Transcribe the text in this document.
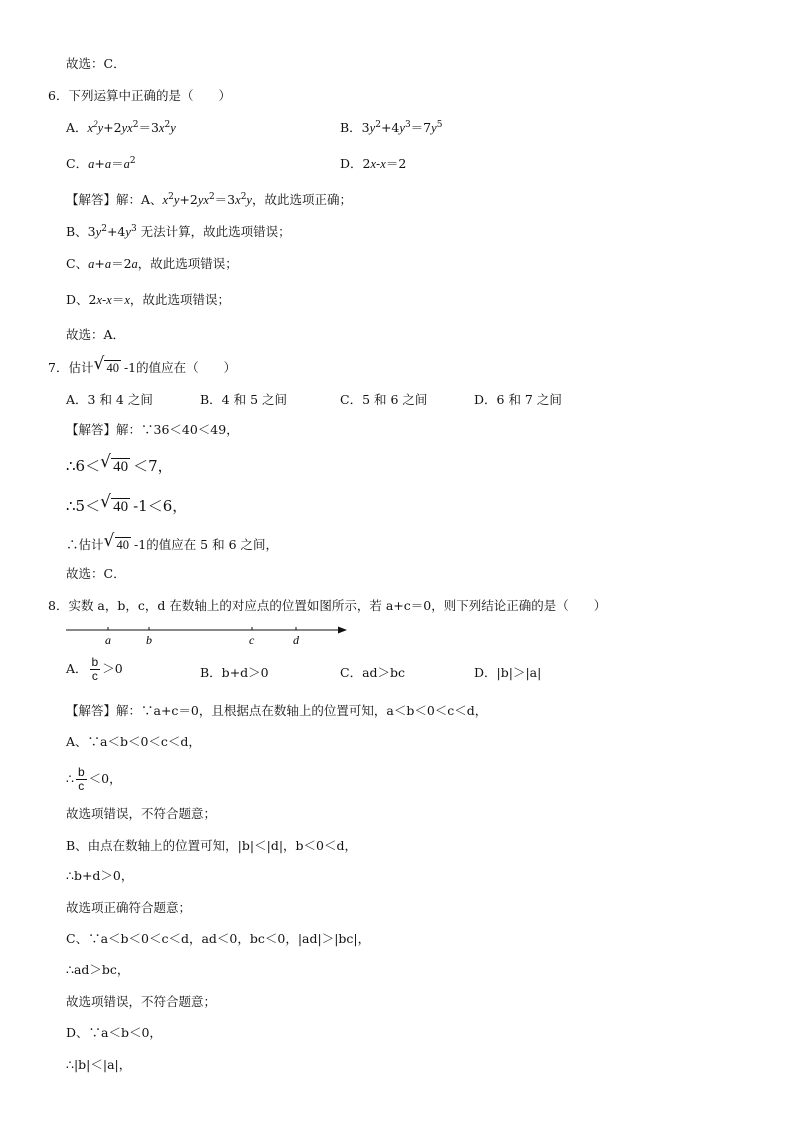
故选：C．
6．下列运算中正确的是（　　）
A．$x^2y+2yx^2=3x^2y$	B．$3y^2+4y^3=7y^5$
C．$a+a=a^2$	D．2x-x＝2
【解答】解：A、$x^2y+2yx^2=3x^2y$，故此选项正确；
B、$3y^2+4y^3$ 无法计算，故此选项错误；
C、a+a＝2a，故此选项错误；
D、2x-x＝x，故此选项错误；
故选：A．
7．估计 √ 40 -1的值应在（　　）
A．3 和 4 之间	B．4 和 5 之间	C．5 和 6 之间	D．6 和 7 之间
【解答】解：∵36＜40＜49，
∴6＜ √ 40 ＜7，
∴5＜ √ 40 -1＜6，
∴估计 √ 40 -1的值应在 5 和 6 之间，
故选：C．
8．实数 a，b，c，d 在数轴上的对应点的位置如图所示，若 a+c＝0，则下列结论正确的是（　　）
a	b	c	d
A． $\frac{b}{c} >0$	B．b+d＞0	C．ad＞bc	D．|b|＞|a|
【解答】解：∵a+c＝0，且根据点在数轴上的位置可知，a＜b＜0＜c＜d，
A、∵a＜b＜0＜c＜d，
∴ $\frac{b}{c} <0$，
故选项错误，不符合题意；
B、由点在数轴上的位置可知，|b|＜|d|，b＜0＜d，
∴b+d＞0，
故选项正确符合题意；
C、∵a＜b＜0＜c＜d，ad＜0，bc＜0，|ad|＞|bc|，
∴ad＞bc，
故选项错误，不符合题意；
D、∵a＜b＜0，
∴|b|＜|a|，
